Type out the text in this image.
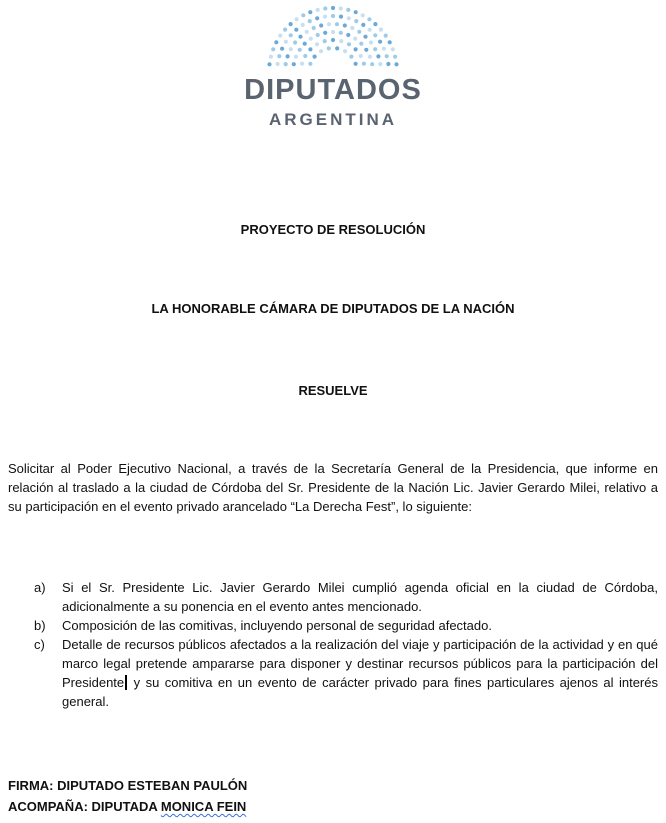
DIPUTADOS
ARGENTINA
PROYECTO DE RESOLUCIÓN
LA HONORABLE CÁMARA DE DIPUTADOS DE LA NACIÓN
RESUELVE

Solicitar al Poder Ejecutivo Nacional, a través de la Secretaría General de la Presidencia, que informe en relación al traslado a la ciudad de Córdoba del Sr. Presidente de la Nación Lic. Javier Gerardo Milei, relativo a su participación en el evento privado arancelado “La Derecha Fest”, lo siguiente:

a) Si el Sr. Presidente Lic. Javier Gerardo Milei cumplió agenda oficial en la ciudad de Córdoba, adicionalmente a su ponencia en el evento antes mencionado.
b) Composición de las comitivas, incluyendo personal de seguridad afectado.
c) Detalle de recursos públicos afectados a la realización del viaje y participación de la actividad y en qué marco legal pretende ampararse para disponer y destinar recursos públicos para la participación del Presidente y su comitiva en un evento de carácter privado para fines particulares ajenos al interés general.
FIRMA: DIPUTADO ESTEBAN PAULÓN
ACOMPAÑA: DIPUTADA MONICA FEIN
